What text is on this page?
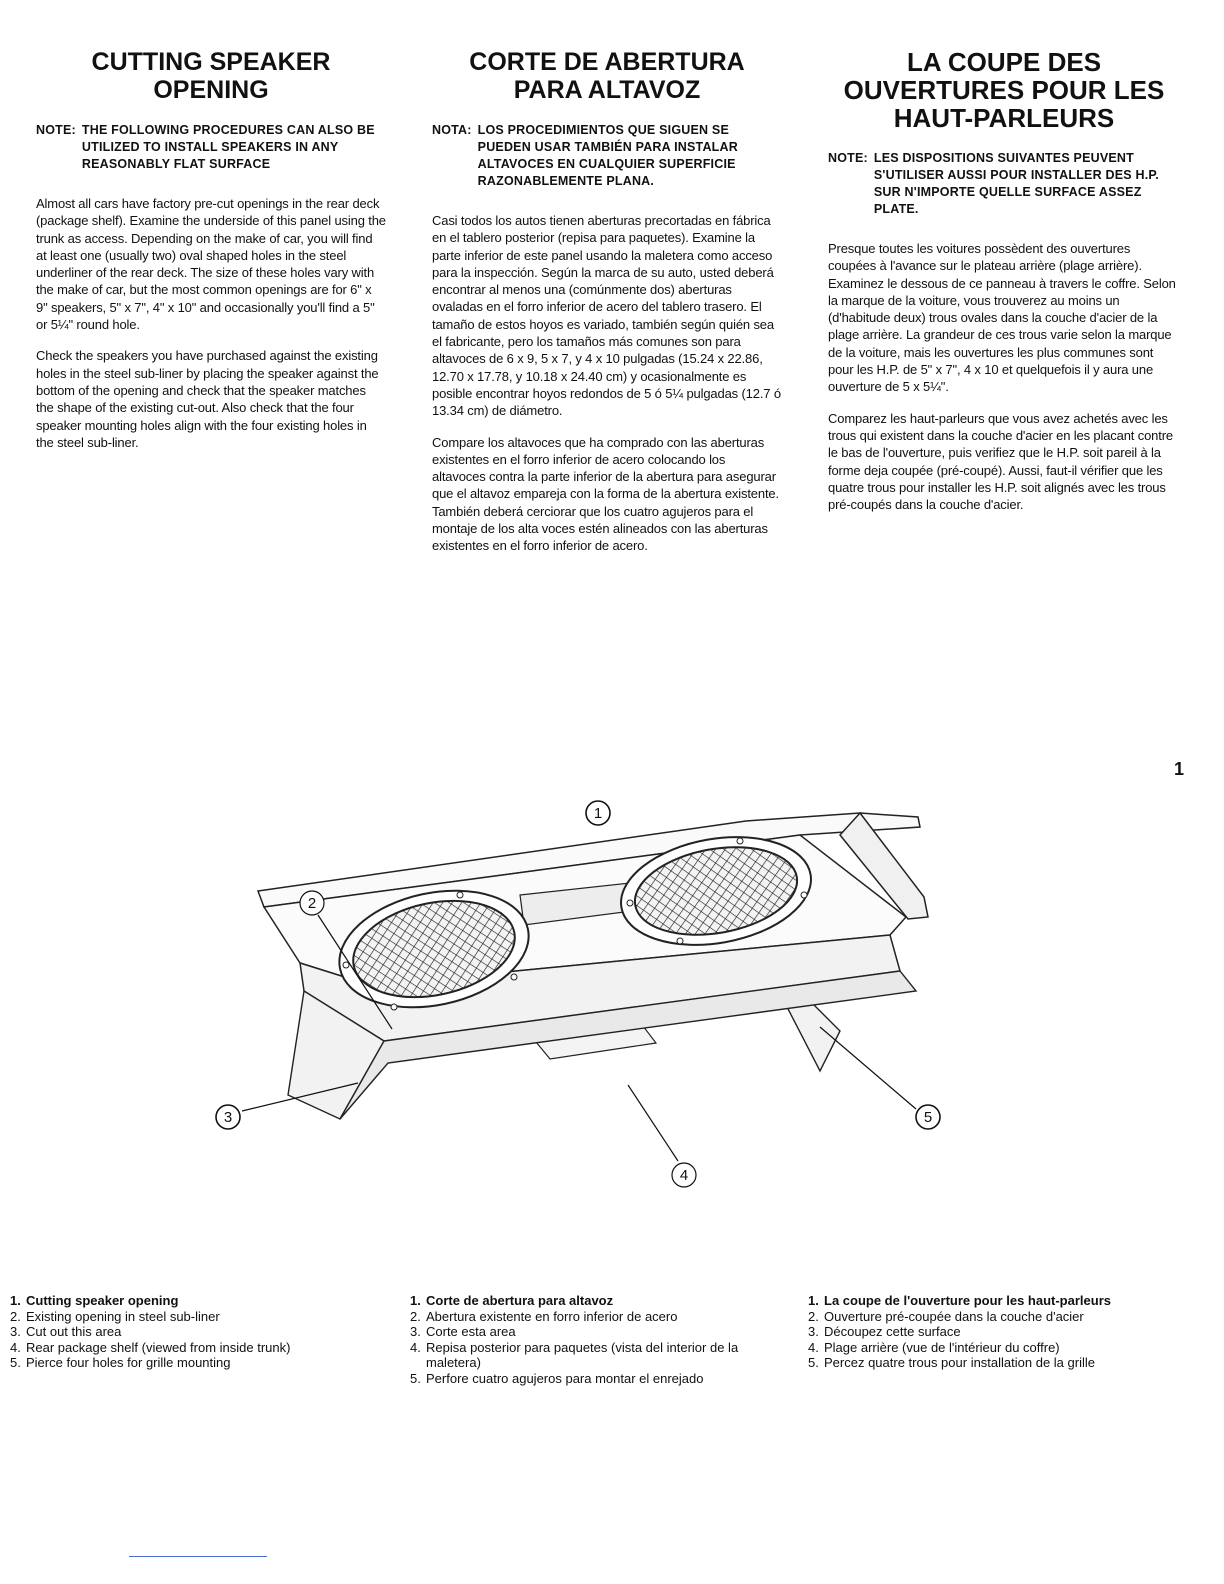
CUTTING SPEAKER OPENING
NOTE: THE FOLLOWING PROCEDURES CAN ALSO BE UTILIZED TO INSTALL SPEAKERS IN ANY REASONABLY FLAT SURFACE

Almost all cars have factory pre-cut openings in the rear deck (package shelf). Examine the underside of this panel using the trunk as access. Depending on the make of car, you will find at least one (usually two) oval shaped holes in the steel underliner of the rear deck. The size of these holes vary with the make of car, but the most common openings are for 6" x 9" speakers, 5" x 7", 4" x 10" and occasionally you'll find a 5" or 5¼" round hole.

Check the speakers you have purchased against the existing holes in the steel sub-liner by placing the speaker against the bottom of the opening and check that the speaker matches the shape of the existing cut-out. Also check that the four speaker mounting holes align with the four existing holes in the steel sub-liner.

CORTE DE ABERTURA PARA ALTAVOZ
NOTA: LOS PROCEDIMIENTOS QUE SIGUEN SE PUEDEN USAR TAMBIÉN PARA INSTALAR ALTAVOCES EN CUALQUIER SUPERFICIE RAZONABLEMENTE PLANA.

Casi todos los autos tienen aberturas precortadas en fábrica en el tablero posterior (repisa para paquetes). Examine la parte inferior de este panel usando la maletera como acceso para la inspección. Según la marca de su auto, usted deberá encontrar al menos una (comúnmente dos) aberturas ovaladas en el forro inferior de acero del tablero trasero. El tamaño de estos hoyos es variado, también según quién sea el fabricante, pero los tamaños más comunes son para altavoces de 6 x 9, 5 x 7, y 4 x 10 pulgadas (15.24 x 22.86, 12.70 x 17.78, y 10.18 x 24.40 cm) y ocasionalmente es posible encontrar hoyos redondos de 5 ó 5¼ pulgadas (12.7 ó 13.34 cm) de diámetro.

Compare los altavoces que ha comprado con las aberturas existentes en el forro inferior de acero colocando los altavoces contra la parte inferior de la abertura para asegurar que el altavoz empareja con la forma de la abertura existente. También deberá cerciorar que los cuatro agujeros para el montaje de los alta voces estén alineados con las aberturas existentes en el forro inferior de acero.

LA COUPE DES OUVERTURES POUR LES HAUT-PARLEURS
NOTE: LES DISPOSITIONS SUIVANTES PEUVENT S'UTILISER AUSSI POUR INSTALLER DES H.P. SUR N'IMPORTE QUELLE SURFACE ASSEZ PLATE.

Presque toutes les voitures possèdent des ouvertures coupées à l'avance sur le plateau arrière (plage arrière). Examinez le dessous de ce panneau à travers le coffre. Selon la marque de la voiture, vous trouverez au moins un (d'habitude deux) trous ovales dans la couche d'acier de la plage arrière. La grandeur de ces trous varie selon la marque de la voiture, mais les ouvertures les plus communes sont pour les H.P. de 5" x 7", 4 x 10 et quelquefois il y aura une ouverture de 5 x 5¼".

Comparez les haut-parleurs que vous avez achetés avec les trous qui existent dans la couche d'acier en les placant contre le bas de l'ouverture, puis verifiez que le H.P. soit pareil à la forme deja coupée (pré-coupé). Aussi, faut-il vérifier que les quatre trous pour installer les H.P. soit alignés avec les trous pré-coupés dans la couche d'acier.

1
1
2
3
4
5
1. Cutting speaker opening
2. Existing opening in steel sub-liner
3. Cut out this area
4. Rear package shelf (viewed from inside trunk)
5. Pierce four holes for grille mounting
1. Corte de abertura para altavoz
2. Abertura existente en forro inferior de acero
3. Corte esta area
4. Repisa posterior para paquetes (vista del interior de la maletera)
5. Perfore cuatro agujeros para montar el enrejado
1. La coupe de l'ouverture pour les haut-parleurs
2. Ouverture pré-coupée dans la couche d'acier
3. Découpez cette surface
4. Plage arrière (vue de l'intérieur du coffre)
5. Percez quatre trous pour installation de la grille
